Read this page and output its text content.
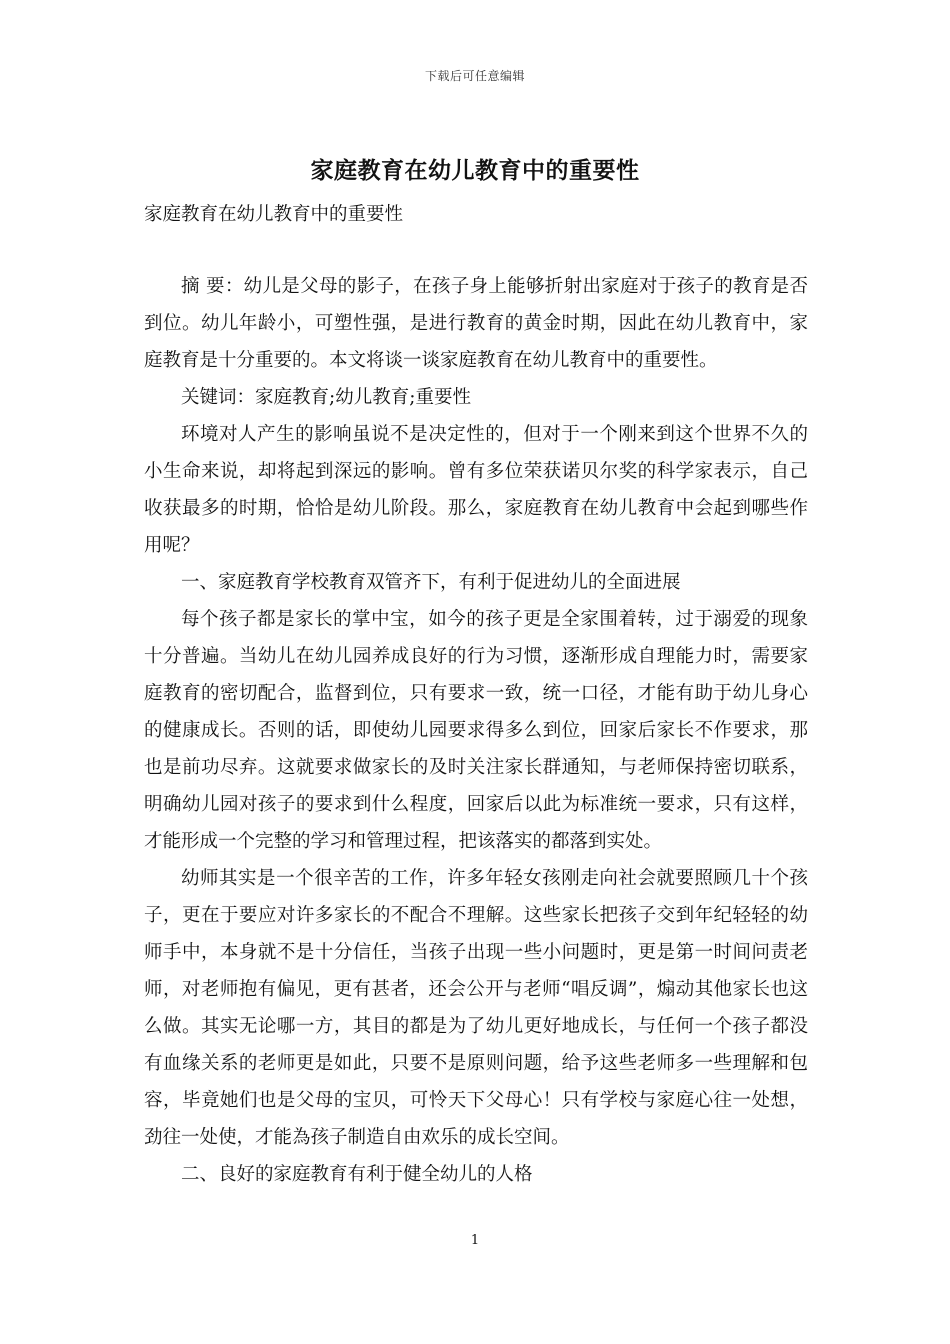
下载后可任意编辑
家庭教育在幼儿教育中的重要性
家庭教育在幼儿教育中的重要性

摘 要：幼儿是父母的影子，在孩子身上能够折射出家庭对于孩子的教育是否到位。幼儿年龄小，可塑性强，是进行教育的黄金时期，因此在幼儿教育中，家庭教育是十分重要的。本文将谈一谈家庭教育在幼儿教育中的重要性。

关键词：家庭教育;幼儿教育;重要性

环境对人产生的影响虽说不是决定性的，但对于一个刚来到这个世界不久的小生命来说，却将起到深远的影响。曾有多位荣获诺贝尔奖的科学家表示，自己收获最多的时期，恰恰是幼儿阶段。那么，家庭教育在幼儿教育中会起到哪些作用呢？

一、家庭教育学校教育双管齐下，有利于促进幼儿的全面进展

每个孩子都是家长的掌中宝，如今的孩子更是全家围着转，过于溺爱的现象十分普遍。当幼儿在幼儿园养成良好的行为习惯，逐渐形成自理能力时，需要家庭教育的密切配合，监督到位，只有要求一致，统一口径，才能有助于幼儿身心的健康成长。否则的话，即使幼儿园要求得多么到位，回家后家长不作要求，那也是前功尽弃。这就要求做家长的及时关注家长群通知，与老师保持密切联系，明确幼儿园对孩子的要求到什么程度，回家后以此为标准统一要求，只有这样，才能形成一个完整的学习和管理过程，把该落实的都落到实处。

幼师其实是一个很辛苦的工作，许多年轻女孩刚走向社会就要照顾几十个孩子，更在于要应对许多家长的不配合不理解。这些家长把孩子交到年纪轻轻的幼师手中，本身就不是十分信任，当孩子出现一些小问题时，更是第一时间问责老师，对老师抱有偏见，更有甚者，还会公开与老师“唱反调”，煽动其他家长也这么做。其实无论哪一方，其目的都是为了幼儿更好地成长，与任何一个孩子都没有血缘关系的老师更是如此，只要不是原则问题，给予这些老师多一些理解和包容，毕竟她们也是父母的宝贝，可怜天下父母心！只有学校与家庭心往一处想，劲往一处使，才能為孩子制造自由欢乐的成长空间。

二、良好的家庭教育有利于健全幼儿的人格

1
